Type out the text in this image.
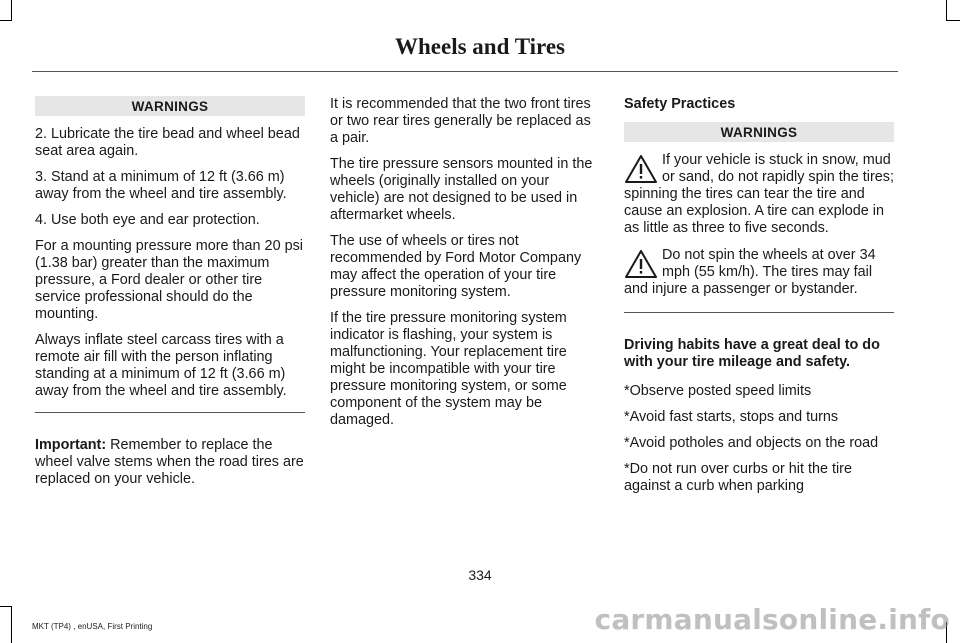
Wheels and Tires
WARNINGS

2. Lubricate the tire bead and wheel bead seat area again.

3. Stand at a minimum of 12 ft (3.66 m) away from the wheel and tire assembly.

4. Use both eye and ear protection.

For a mounting pressure more than 20 psi (1.38 bar) greater than the maximum pressure, a Ford dealer or other tire service professional should do the mounting.

Always inflate steel carcass tires with a remote air fill with the person inflating standing at a minimum of 12 ft (3.66 m) away from the wheel and tire assembly.

Important: Remember to replace the wheel valve stems when the road tires are replaced on your vehicle.

It is recommended that the two front tires or two rear tires generally be replaced as a pair.

The tire pressure sensors mounted in the wheels (originally installed on your vehicle) are not designed to be used in aftermarket wheels.

The use of wheels or tires not recommended by Ford Motor Company may affect the operation of your tire pressure monitoring system.

If the tire pressure monitoring system indicator is flashing, your system is malfunctioning. Your replacement tire might be incompatible with your tire pressure monitoring system, or some component of the system may be damaged.

Safety Practices

WARNINGS
If your vehicle is stuck in snow, mud or sand, do not rapidly spin the tires; spinning the tires can tear the tire and cause an explosion. A tire can explode in as little as three to five seconds.
Do not spin the wheels at over 34 mph (55 km/h). The tires may fail and injure a passenger or bystander.

Driving habits have a great deal to do with your tire mileage and safety.

*Observe posted speed limits

*Avoid fast starts, stops and turns

*Avoid potholes and objects on the road

*Do not run over curbs or hit the tire against a curb when parking

334
MKT (TP4) , enUSA, First Printing	carmanualsonline.info
